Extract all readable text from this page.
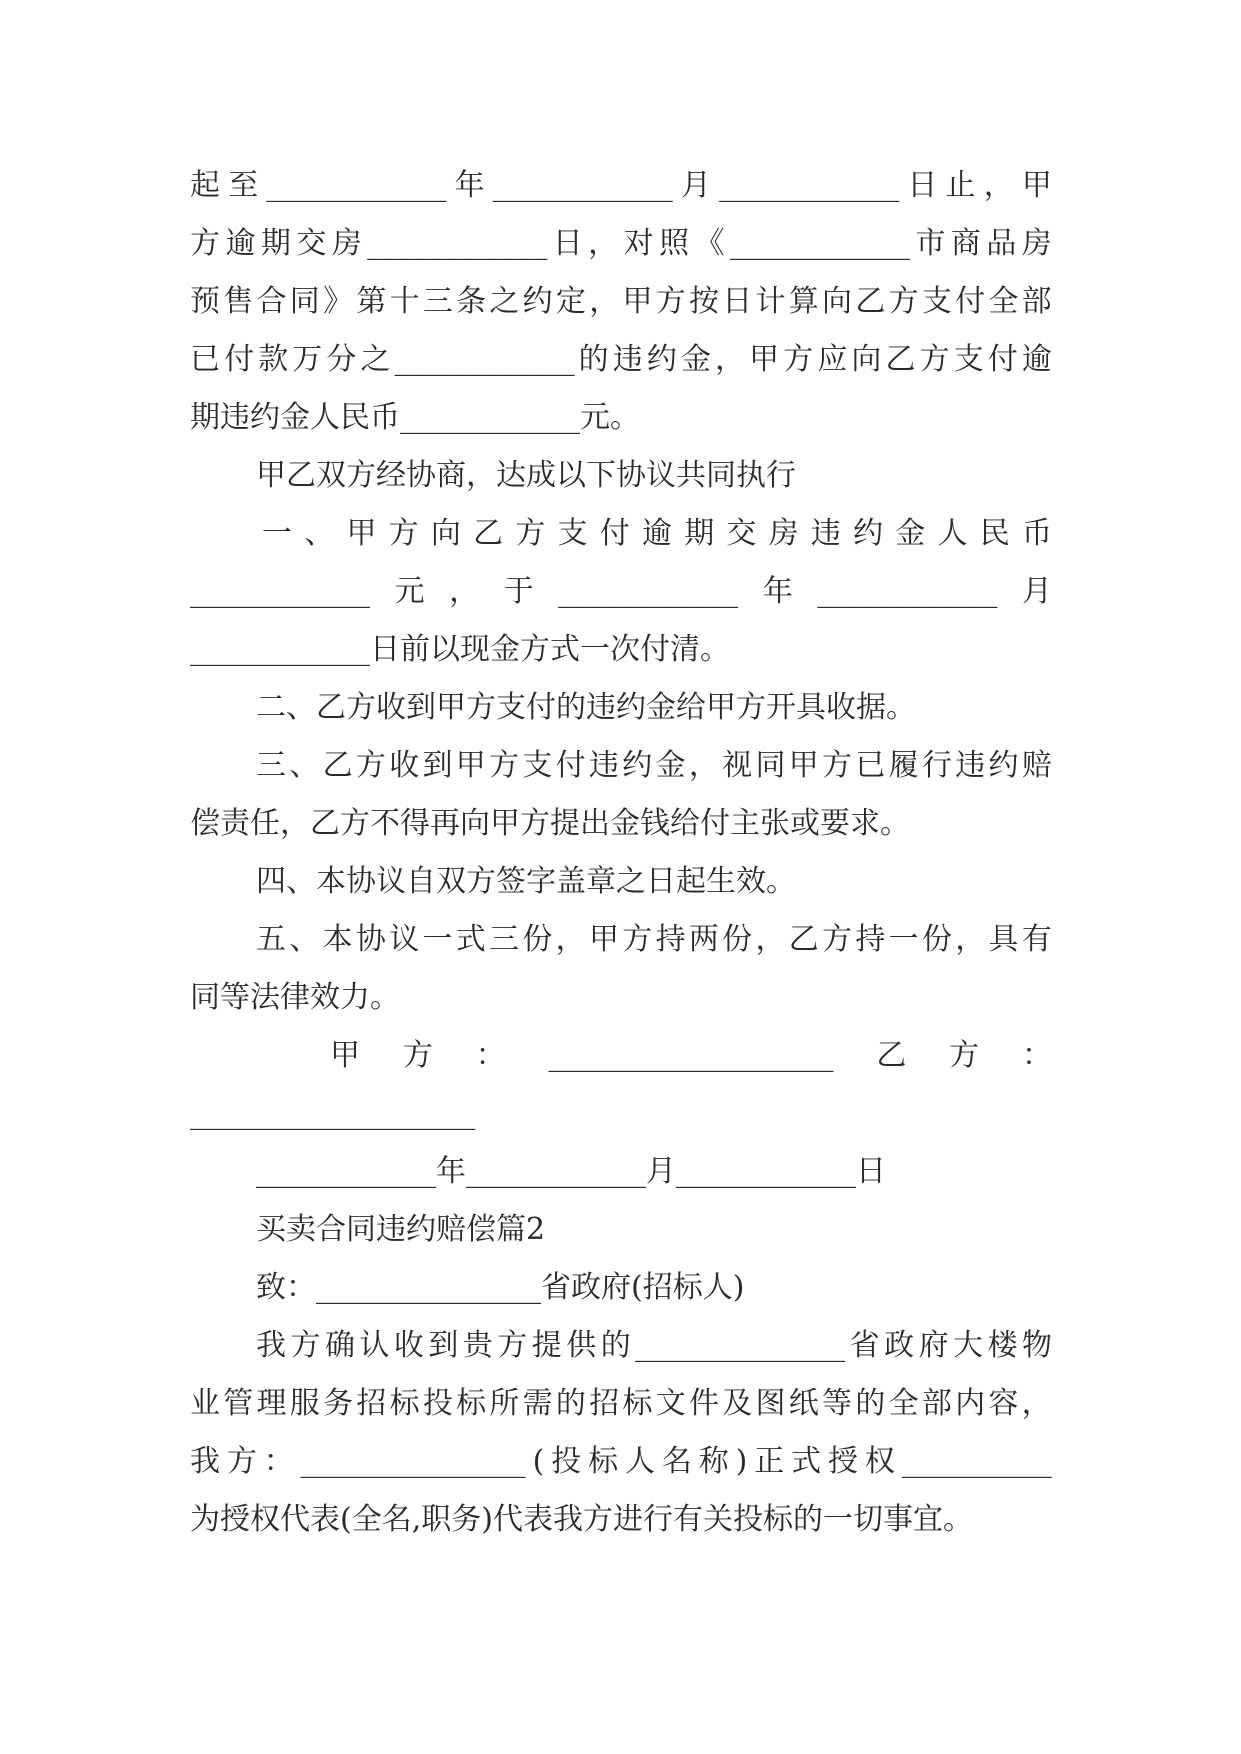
起 至 ____________ 年 ____________ 月 ____________ 日 止 ， 甲
方 逾 期 交 房 ____________ 日 ， 对 照 《 ____________ 市 商 品 房
预 售 合 同 》 第 十 三 条 之 约 定 ， 甲 方 按 日 计 算 向 乙 方 支 付 全 部
已 付 款 万 分 之 ____________ 的 违 约 金 ， 甲 方 应 向 乙 方 支 付 逾
期违约金人民币____________元。
甲乙双方经协商，达成以下协议共同执行
一 、 甲 方 向 乙 方 支 付 逾 期 交 房 违 约 金 人 民 币
____________ 元 ， 于 ____________ 年 ____________ 月
____________日前以现金方式一次付清。
二、乙方收到甲方支付的违约金给甲方开具收据。
三 、 乙 方 收 到 甲 方 支 付 违 约 金 ， 视 同 甲 方 已 履 行 违 约 赔
偿责任，乙方不得再向甲方提出金钱给付主张或要求。
四、本协议自双方签字盖章之日起生效。
五 、 本 协 议 一 式 三 份 ， 甲 方 持 两 份 ， 乙 方 持 一 份 ， 具 有
同等法律效力。
甲 方 ： ___________________ 乙 方 ：
___________________
____________年____________月____________日
买卖合同违约赔偿篇2
致：_______________省政府(招标人)
我 方 确 认 收 到 贵 方 提 供 的 ______________ 省 政 府 大 楼 物
业 管 理 服 务 招 标 投 标 所 需 的 招 标 文 件 及 图 纸 等 的 全 部 内 容 ，
我 方 ： _______________ ( 投 标 人 名 称 ) 正 式 授 权 __________
为授权代表(全名,职务)代表我方进行有关投标的一切事宜。
